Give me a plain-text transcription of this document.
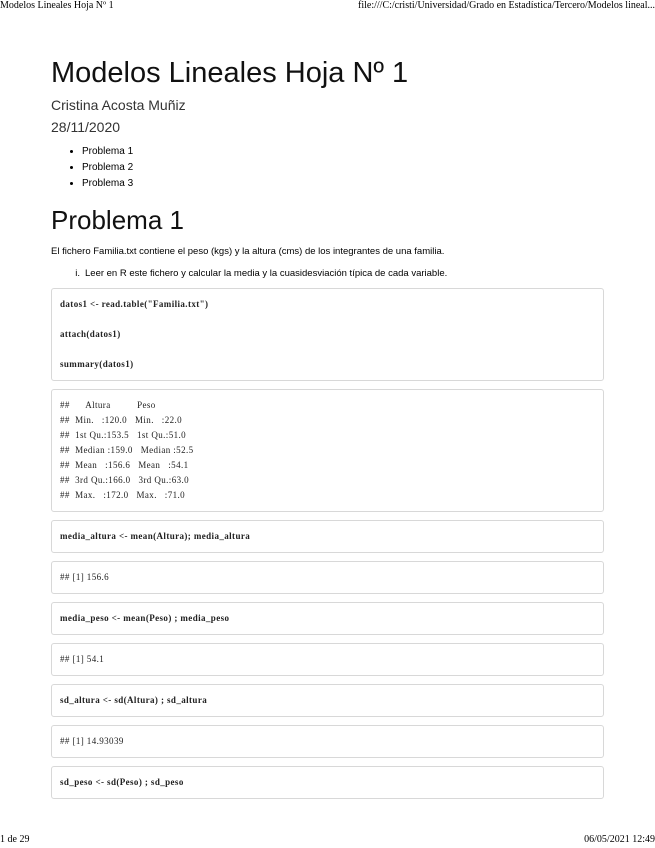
Modelos Lineales Hoja Nº 1	file:///C:/cristi/Universidad/Grado en Estadística/Tercero/Modelos lineal...
Modelos Lineales Hoja Nº 1
Cristina Acosta Muñiz
28/11/2020
• Problema 1
• Problema 2
• Problema 3
Problema 1
El fichero Familia.txt contiene el peso (kgs) y la altura (cms) de los integrantes de una familia.
i. Leer en R este fichero y calcular la media y la cuasidesviación típica de cada variable.
datos1 <- read.table("Familia.txt")
attach(datos1)
summary(datos1)
##      Altura          Peso
##  Min.   :120.0   Min.   :22.0
##  1st Qu.:153.5   1st Qu.:51.0
##  Median :159.0   Median :52.5
##  Mean   :156.6   Mean   :54.1
##  3rd Qu.:166.0   3rd Qu.:63.0
##  Max.   :172.0   Max.   :71.0
media_altura <- mean(Altura); media_altura
## [1] 156.6
media_peso <- mean(Peso) ; media_peso
## [1] 54.1
sd_altura <- sd(Altura) ; sd_altura
## [1] 14.93039
sd_peso <- sd(Peso) ; sd_peso
1 de 29	06/05/2021 12:49
